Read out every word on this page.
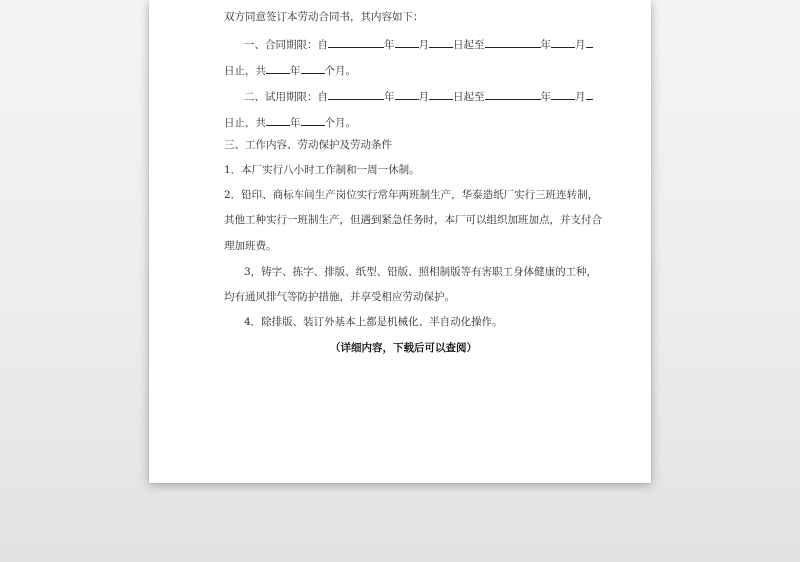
双方同意签订本劳动合同书，其内容如下：
一、合同期限：自	年 月 日起至	年 月
日止，共 年 个月。
二、试用期限：自	年 月 日起至	年 月
日止，共 年 个月。
三、工作内容、劳动保护及劳动条件
1．本厂实行八小时工作制和一周一休制。
2．铅印、商标车间生产岗位实行常年两班制生产，华泰造纸厂实行三班连转制，
其他工种实行一班制生产，但遇到紧急任务时，本厂可以组织加班加点，并支付合
理加班费。
3，铸字、拣字、排版、纸型、铅版、照相制版等有害职工身体健康的工种，
均有通风排气等防护措施，并享受相应劳动保护。
4．除排版、装订外基本上都是机械化、半自动化操作。
（详细内容，下载后可以查阅）
